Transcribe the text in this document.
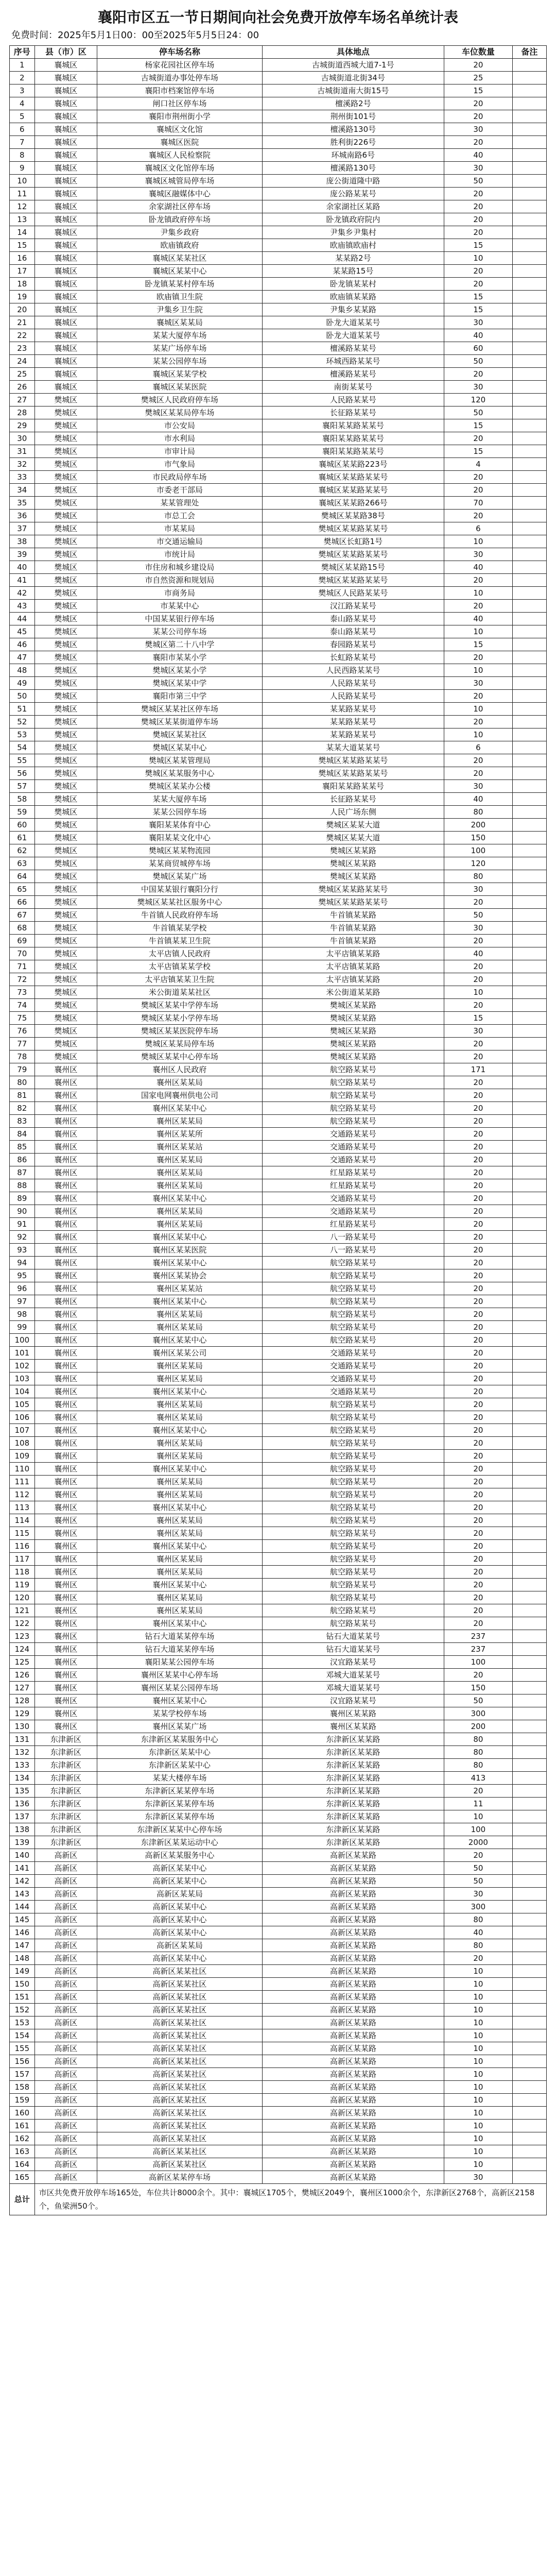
襄阳市区五一节日期间向社会免费开放停车场名单统计表

免费时间：2025年5月1日00：00至2025年5月5日24：00

序号	县（市）区	停车场名称	具体地点	车位数量	备注
1	襄城区	杨家花园社区停车场	古城街道西城大道7-1号	20	
2	襄城区	古城街道办事处停车场	古城街道北街34号	25	
3	襄城区	襄阳市档案馆停车场	古城街道南大街15号	15	
4	襄城区	闸口社区停车场	檀溪路2号	20	
5	襄城区	襄阳市荆州街小学	荆州街101号	20	
6	襄城区	襄城区文化馆	檀溪路130号	30	
7	襄城区	襄城区医院	胜利街226号	20	
8	襄城区	襄城区人民检察院	环城南路6号	40	
9	襄城区	襄城区文化馆停车场	檀溪路130号	30	
10	襄城区	襄城区城管局停车场	庞公街道隆中路	50	
11	襄城区	襄城区融媒体中心	庞公路某某号	20	
12	襄城区	余家湖社区停车场	余家湖社区某路	20	
13	襄城区	卧龙镇政府停车场	卧龙镇政府院内	20	
14	襄城区	尹集乡政府	尹集乡尹集村	20	
15	襄城区	欧庙镇政府	欧庙镇欧庙村	15	
16	襄城区	襄城区某某社区	某某路2号	10	
17	襄城区	襄城区某某中心	某某路15号	20	
18	襄城区	卧龙镇某某村停车场	卧龙镇某某村	20	
19	襄城区	欧庙镇卫生院	欧庙镇某某路	15	
20	襄城区	尹集乡卫生院	尹集乡某某路	15	
21	襄城区	襄城区某某局	卧龙大道某某号	30	
22	襄城区	某某大厦停车场	卧龙大道某某号	40	
23	襄城区	某某广场停车场	檀溪路某某号	60	
24	襄城区	某某公园停车场	环城西路某某号	50	
25	襄城区	襄城区某某学校	檀溪路某某号	20	
26	襄城区	襄城区某某医院	南街某某号	30	
27	樊城区	樊城区人民政府停车场	人民路某某号	120	
28	樊城区	樊城区某某局停车场	长征路某某号	50	
29	樊城区	市公安局	襄阳某某路某某号	15	
30	樊城区	市水利局	襄阳某某路某某号	20	
31	樊城区	市审计局	襄阳某某路某某号	15	
32	樊城区	市气象局	襄城区某某路223号	4	
33	樊城区	市民政局停车场	襄城区某某路某某号	20	
34	樊城区	市委老干部局	襄城区某某路某某号	20	
35	樊城区	某某管理处	襄城区某某路266号	70	
36	樊城区	市总工会	樊城区某某路38号	20	
37	樊城区	市某某局	樊城区某某路某某号	6	
38	樊城区	市交通运输局	樊城区长虹路1号	10	
39	樊城区	市统计局	樊城区某某路某某号	30	
40	樊城区	市住房和城乡建设局	樊城区某某路15号	40	
41	樊城区	市自然资源和规划局	樊城区某某路某某号	20	
42	樊城区	市商务局	樊城区人民路某某号	10	
43	樊城区	市某某中心	汉江路某某号	20	
44	樊城区	中国某某银行停车场	泰山路某某号	40	
45	樊城区	某某公司停车场	泰山路某某号	10	
46	樊城区	樊城区第二十八中学	春园路某某号	15	
47	樊城区	襄阳市某某小学	长虹路某某号	20	
48	樊城区	樊城区某某小学	人民西路某某号	10	
49	樊城区	樊城区某某中学	人民路某某号	30	
50	樊城区	襄阳市第三中学	人民路某某号	20	
51	樊城区	樊城区某某社区停车场	某某路某某号	10	
52	樊城区	樊城区某某街道停车场	某某路某某号	20	
53	樊城区	樊城区某某社区	某某路某某号	10	
54	樊城区	樊城区某某中心	某某大道某某号	6	
55	樊城区	樊城区某某管理局	樊城区某某路某某号	20	
56	樊城区	樊城区某某服务中心	樊城区某某路某某号	20	
57	樊城区	樊城区某某办公楼	襄阳某某路某某号	30	
58	樊城区	某某大厦停车场	长征路某某号	40	
59	樊城区	某某公园停车场	人民广场东侧	80	
60	樊城区	襄阳某某体育中心	樊城区某某大道	200	
61	樊城区	襄阳某某文化中心	樊城区某某大道	150	
62	樊城区	樊城区某某物流园	樊城区某某路	100	
63	樊城区	某某商贸城停车场	樊城区某某路	120	
64	樊城区	樊城区某某广场	樊城区某某路	80	
65	樊城区	中国某某银行襄阳分行	樊城区某某路某某号	30	
66	樊城区	樊城区某某社区服务中心	樊城区某某路某某号	20	
67	樊城区	牛首镇人民政府停车场	牛首镇某某路	50	
68	樊城区	牛首镇某某学校	牛首镇某某路	30	
69	樊城区	牛首镇某某卫生院	牛首镇某某路	20	
70	樊城区	太平店镇人民政府	太平店镇某某路	40	
71	樊城区	太平店镇某某学校	太平店镇某某路	20	
72	樊城区	太平店镇某某卫生院	太平店镇某某路	20	
73	樊城区	米公街道某某社区	米公街道某某路	10	
74	樊城区	樊城区某某中学停车场	樊城区某某路	20	
75	樊城区	樊城区某某小学停车场	樊城区某某路	15	
76	樊城区	樊城区某某医院停车场	樊城区某某路	30	
77	樊城区	樊城区某某局停车场	樊城区某某路	20	
78	樊城区	樊城区某某中心停车场	樊城区某某路	20	
79	襄州区	襄州区人民政府	航空路某某号	171	
80	襄州区	襄州区某某局	航空路某某号	20	
81	襄州区	国家电网襄州供电公司	航空路某某号	20	
82	襄州区	襄州区某某中心	航空路某某号	20	
83	襄州区	襄州区某某局	航空路某某号	20	
84	襄州区	襄州区某某所	交通路某某号	20	
85	襄州区	襄州区某某站	交通路某某号	20	
86	襄州区	襄州区某某局	交通路某某号	20	
87	襄州区	襄州区某某局	红星路某某号	20	
88	襄州区	襄州区某某局	红星路某某号	20	
89	襄州区	襄州区某某中心	交通路某某号	20	
90	襄州区	襄州区某某局	交通路某某号	20	
91	襄州区	襄州区某某局	红星路某某号	20	
92	襄州区	襄州区某某中心	八一路某某号	20	
93	襄州区	襄州区某某医院	八一路某某号	20	
94	襄州区	襄州区某某中心	航空路某某号	20	
95	襄州区	襄州区某某协会	航空路某某号	20	
96	襄州区	襄州区某某站	航空路某某号	20	
97	襄州区	襄州区某某中心	航空路某某号	20	
98	襄州区	襄州区某某局	航空路某某号	20	
99	襄州区	襄州区某某局	航空路某某号	20	
100	襄州区	襄州区某某中心	航空路某某号	20	
101	襄州区	襄州区某某公司	交通路某某号	20	
102	襄州区	襄州区某某局	交通路某某号	20	
103	襄州区	襄州区某某局	交通路某某号	20	
104	襄州区	襄州区某某中心	交通路某某号	20	
105	襄州区	襄州区某某局	航空路某某号	20	
106	襄州区	襄州区某某局	航空路某某号	20	
107	襄州区	襄州区某某中心	航空路某某号	20	
108	襄州区	襄州区某某局	航空路某某号	20	
109	襄州区	襄州区某某局	航空路某某号	20	
110	襄州区	襄州区某某中心	航空路某某号	20	
111	襄州区	襄州区某某局	航空路某某号	20	
112	襄州区	襄州区某某局	航空路某某号	20	
113	襄州区	襄州区某某中心	航空路某某号	20	
114	襄州区	襄州区某某局	航空路某某号	20	
115	襄州区	襄州区某某局	航空路某某号	20	
116	襄州区	襄州区某某中心	航空路某某号	20	
117	襄州区	襄州区某某局	航空路某某号	20	
118	襄州区	襄州区某某局	航空路某某号	20	
119	襄州区	襄州区某某中心	航空路某某号	20	
120	襄州区	襄州区某某局	航空路某某号	20	
121	襄州区	襄州区某某局	航空路某某号	20	
122	襄州区	襄州区某某中心	航空路某某号	20	
123	襄州区	钻石大道某某停车场	钻石大道某某号	237	
124	襄州区	钻石大道某某停车场	钻石大道某某号	237	
125	襄州区	襄阳某某公园停车场	汉宜路某某号	100	
126	襄州区	襄州区某某中心停车场	邓城大道某某号	20	
127	襄州区	襄州区某某公园停车场	邓城大道某某号	150	
128	襄州区	襄州区某某中心	汉宜路某某号	50	
129	襄州区	某某学校停车场	襄州区某某路	300	
130	襄州区	襄州区某某广场	襄州区某某路	200	
131	东津新区	东津新区某某服务中心	东津新区某某路	80	
132	东津新区	东津新区某某中心	东津新区某某路	80	
133	东津新区	东津新区某某中心	东津新区某某路	80	
134	东津新区	某某大楼停车场	东津新区某某路	413	
135	东津新区	东津新区某某停车场	东津新区某某路	20	
136	东津新区	东津新区某某停车场	东津新区某某路	11	
137	东津新区	东津新区某某停车场	东津新区某某路	10	
138	东津新区	东津新区某某中心停车场	东津新区某某路	100	
139	东津新区	东津新区某某运动中心	东津新区某某路	2000	
140	高新区	高新区某某服务中心	高新区某某路	20	
141	高新区	高新区某某中心	高新区某某路	50	
142	高新区	高新区某某中心	高新区某某路	50	
143	高新区	高新区某某局	高新区某某路	30	
144	高新区	高新区某某中心	高新区某某路	300	
145	高新区	高新区某某中心	高新区某某路	80	
146	高新区	高新区某某中心	高新区某某路	40	
147	高新区	高新区某某局	高新区某某路	80	
148	高新区	高新区某某中心	高新区某某路	20	
149	高新区	高新区某某社区	高新区某某路	10	
150	高新区	高新区某某社区	高新区某某路	10	
151	高新区	高新区某某社区	高新区某某路	10	
152	高新区	高新区某某社区	高新区某某路	10	
153	高新区	高新区某某社区	高新区某某路	10	
154	高新区	高新区某某社区	高新区某某路	10	
155	高新区	高新区某某社区	高新区某某路	10	
156	高新区	高新区某某社区	高新区某某路	10	
157	高新区	高新区某某社区	高新区某某路	10	
158	高新区	高新区某某社区	高新区某某路	10	
159	高新区	高新区某某社区	高新区某某路	10	
160	高新区	高新区某某社区	高新区某某路	10	
161	高新区	高新区某某社区	高新区某某路	10	
162	高新区	高新区某某社区	高新区某某路	10	
163	高新区	高新区某某社区	高新区某某路	10	
164	高新区	高新区某某社区	高新区某某路	10	
165	高新区	高新区某某停车场	高新区某某路	30	
总计	市区共免费开放停车场165处，车位共计8000余个。其中：襄城区1705个，樊城区2049个，襄州区1000余个，东津新区2768个，高新区2158个，鱼梁洲50个。				
